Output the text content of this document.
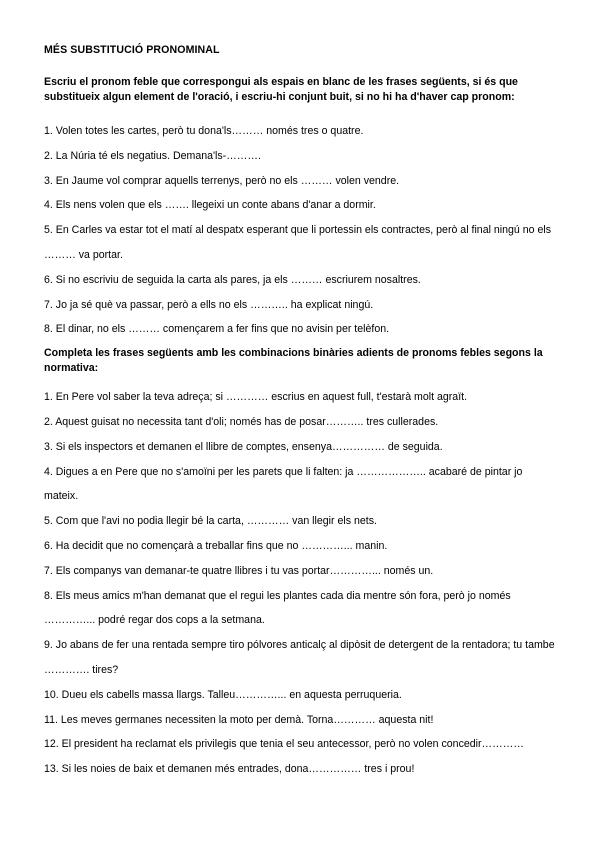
MÉS SUBSTITUCIÓ PRONOMINAL

Escriu el pronom feble que correspongui als espais en blanc de les frases següents, si és que substitueix algun element de l'oració, i escriu-hi conjunt buit, si no hi ha d'haver cap pronom:

1. Volen totes les cartes, però tu dona'ls……… només tres o quatre.

2. La Núria té els negatius. Demana'ls-……….

3. En Jaume vol comprar aquells terrenys, però no els ……… volen vendre.

4. Els nens volen que els ……. llegeixi un conte abans d'anar a dormir.

5. En Carles va estar tot el matí al despatx esperant que li portessin els contractes, però al final ningú no els ……… va portar.

6. Si no escriviu de seguida la carta als pares, ja els ……… escriurem nosaltres.

7. Jo ja sé què va passar, però a ells no els ……….. ha explicat ningú.

8. El dinar, no els ……… començarem a fer fins que no avisin per telèfon.

Completa les frases següents amb les combinacions binàries adients de pronoms febles segons la normativa:

1. En Pere vol saber la teva adreça; si ………… escrius en aquest full, t'estarà molt agraït.

2. Aquest guisat no necessita tant d'oli; només has de posar……….. tres cullerades.

3. Si els inspectors et demanen el llibre de comptes, ensenya…………… de seguida.

4. Digues a en Pere que no s'amoïni per les parets que li falten: ja ……………….. acabaré de pintar jo mateix.

5. Com que l'avi no podia llegir bé la carta, ………… van llegir els nets.

6. Ha decidit que no començarà a treballar fins que no …………... manin.

7. Els companys van demanar-te quatre llibres i tu vas portar…………... només un.

8. Els meus amics m'han demanat que el regui les plantes cada dia mentre són fora, però jo només …………... podré regar dos cops a la setmana.

9. Jo abans de fer una rentada sempre tiro pólvores anticalç al dipòsit de detergent de la rentadora; tu tambe …………. tires?

10. Dueu els cabells massa llargs. Talleu…………... en aquesta perruqueria.

11. Les meves germanes necessiten la moto per demà. Torna………… aquesta nit!

12. El president ha reclamat els privilegis que tenia el seu antecessor, però no volen concedir…………

13. Si les noies de baix et demanen més entrades, dona…………… tres i prou!
